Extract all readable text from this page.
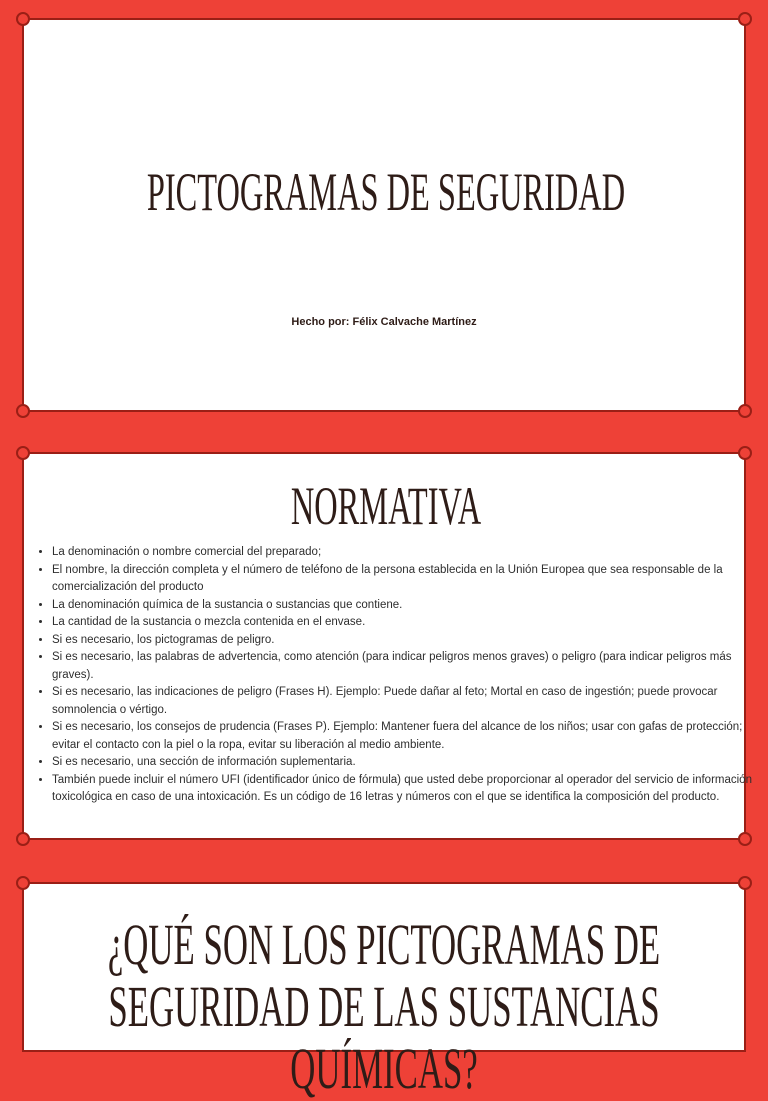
PICTOGRAMAS DE SEGURIDAD
Hecho por: Félix Calvache Martínez
NORMATIVA
• La denominación o nombre comercial del preparado;
• El nombre, la dirección completa y el número de teléfono de la persona establecida en la Unión Europea que sea responsable de la comercialización del producto
• La denominación química de la sustancia o sustancias que contiene.
• La cantidad de la sustancia o mezcla contenida en el envase.
• Si es necesario, los pictogramas de peligro.
• Si es necesario, las palabras de advertencia, como atención (para indicar peligros menos graves) o peligro (para indicar peligros más graves).
• Si es necesario, las indicaciones de peligro (Frases H). Ejemplo: Puede dañar al feto; Mortal en caso de ingestión; puede provocar somnolencia o vértigo.
• Si es necesario, los consejos de prudencia (Frases P). Ejemplo: Mantener fuera del alcance de los niños; usar con gafas de protección; evitar el contacto con la piel o la ropa, evitar su liberación al medio ambiente.
• Si es necesario, una sección de información suplementaria.
• También puede incluir el número UFI (identificador único de fórmula) que usted debe proporcionar al operador del servicio de información toxicológica en caso de una intoxicación. Es un código de 16 letras y números con el que se identifica la composición del producto.
¿QUÉ SON LOS PICTOGRAMAS DE SEGURIDAD DE LAS SUSTANCIAS QUÍMICAS?
